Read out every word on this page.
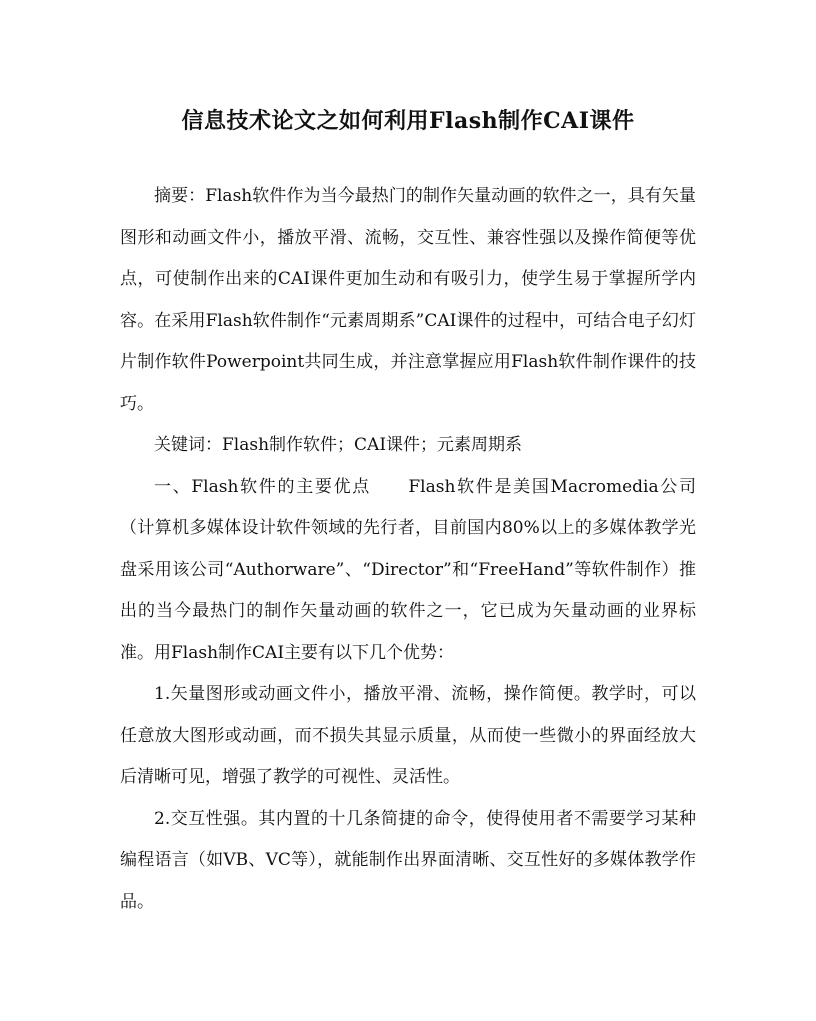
信息技术论文之如何利用Flash制作CAI课件

摘要：Flash软件作为当今最热门的制作矢量动画的软件之一，具有矢量图形和动画文件小，播放平滑、流畅，交互性、兼容性强以及操作简便等优点，可使制作出来的CAI课件更加生动和有吸引力，使学生易于掌握所学内容。在采用Flash软件制作“元素周期系”CAI课件的过程中，可结合电子幻灯片制作软件Powerpoint共同生成，并注意掌握应用Flash软件制作课件的技巧。

关键词：Flash制作软件；CAI课件；元素周期系

一、Flash软件的主要优点　　Flash软件是美国Macromedia公司（计算机多媒体设计软件领域的先行者，目前国内80%以上的多媒体教学光盘采用该公司“Authorware”、“Director”和“FreeHand”等软件制作）推出的当今最热门的制作矢量动画的软件之一，它已成为矢量动画的业界标准。用Flash制作CAI主要有以下几个优势：

1.矢量图形或动画文件小，播放平滑、流畅，操作简便。教学时，可以任意放大图形或动画，而不损失其显示质量，从而使一些微小的界面经放大后清晰可见，增强了教学的可视性、灵活性。

2.交互性强。其内置的十几条简捷的命令，使得使用者不需要学习某种编程语言（如VB、VC等），就能制作出界面清晰、交互性好的多媒体教学作品。
